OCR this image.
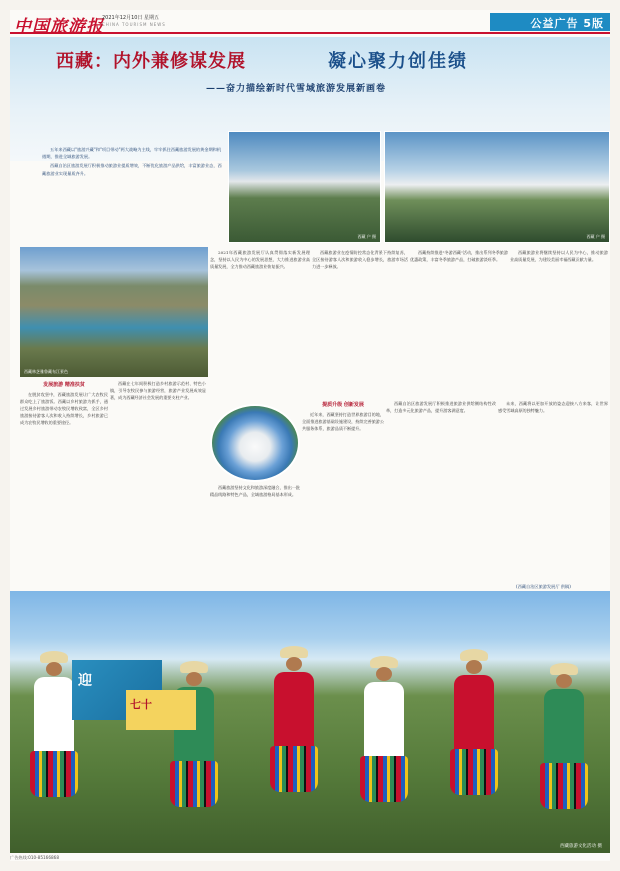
中国旅游报
2021年12月10日 星期五
CHINA TOURISM NEWS	公益广告 5版
西藏：内外兼修谋发展	凝心聚力创佳绩
——奋力描绘新时代雪域旅游发展新画卷

五年来西藏以"旅游兴藏"和"项目带动"两大战略为主线，牢牢抓住西藏旅游发展的黄金期和机遇期，推进全域旅游发展。

西藏自治区旅游发展厅积极推动旅游业提质增效，不断优化旅游产品供给，丰富旅游业态，西藏旅游业实现量质齐升。

西藏 户 摄	西藏 户 摄
西藏林芝雅鲁藏布江景色

2021年西藏旅游发展厅认真贯彻落实新发展理念，坚持以人民为中心的发展思想，大力推进旅游业高质量发展，全力推动西藏旅游业恢复振兴。

西藏旅游业在疫情防控常态化背景下持续复苏，全区接待游客人次和旅游收入稳步增长，旅游市场活力进一步释放。

西藏持续推进"冬游西藏"活动，推出系列冬季旅游优惠政策，丰富冬季旅游产品，打破旅游淡旺季。

西藏旅游业将继续坚持以人民为中心，推动旅游业高质量发展，为建设美丽幸福西藏贡献力量。

发展旅游 精准扶贫

在脱贫攻坚中，西藏旅游发展让广大农牧民群众吃上了旅游饭。西藏以乡村旅游为抓手，通过发展乡村旅游带动农牧民增收致富，全区乡村旅游接待游客人次和收入持续增长，乡村旅游已成为农牧民增收的重要途径。

西藏在七年间积极打造乡村旅游示范村、特色小镇，引导农牧民参与旅游经营，旅游产业发展成效显著，成为西藏经济社会发展的重要支柱产业。

提质升级 创新发展

近年来，西藏坚持打造世界旅游目的地，全面推进旅游基础设施建设，持续完善旅游公共服务体系，旅游品质不断提升。

西藏旅游坚持文化和旅游深度融合，推出一批精品线路和特色产品，全域旅游格局基本形成。

西藏自治区旅游发展厅积极推进旅游业供给侧结构性改革，打造多元化旅游产品，提升游客满意度。

未来，西藏将以更加开放的姿态迎接八方来客，让世界感受雪域高原的独特魅力。

(西藏自治区旅游发展厅 供稿)
西藏旅游文化活动 摄
迎
七十
广告热线:010-85166868
